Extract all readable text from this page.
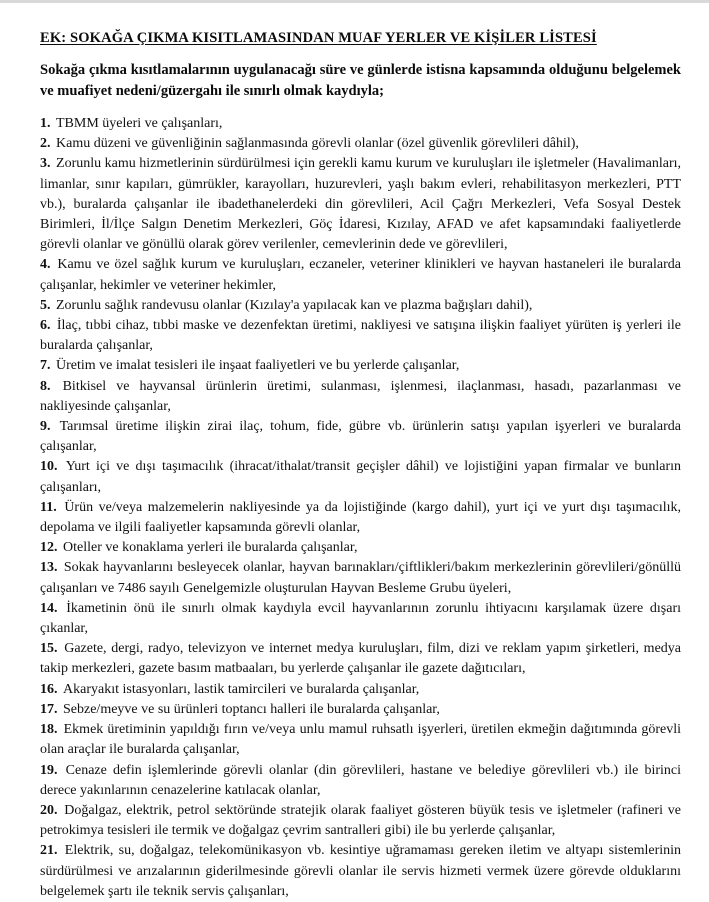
EK: SOKAĞA ÇIKMA KISITLAMASINDAN MUAF YERLER VE KİŞİLER LİSTESİ

Sokağa çıkma kısıtlamalarının uygulanacağı süre ve günlerde istisna kapsamında olduğunu belgelemek ve muafiyet nedeni/güzergahı ile sınırlı olmak kaydıyla;

1. TBMM üyeleri ve çalışanları,

2. Kamu düzeni ve güvenliğinin sağlanmasında görevli olanlar (özel güvenlik görevlileri dâhil),

3. Zorunlu kamu hizmetlerinin sürdürülmesi için gerekli kamu kurum ve kuruluşları ile işletmeler (Havalimanları, limanlar, sınır kapıları, gümrükler, karayolları, huzurevleri, yaşlı bakım evleri, rehabilitasyon merkezleri, PTT vb.), buralarda çalışanlar ile ibadethanelerdeki din görevlileri, Acil Çağrı Merkezleri, Vefa Sosyal Destek Birimleri, İl/İlçe Salgın Denetim Merkezleri, Göç İdaresi, Kızılay, AFAD ve afet kapsamındaki faaliyetlerde görevli olanlar ve gönüllü olarak görev verilenler, cemevlerinin dede ve görevlileri,

4. Kamu ve özel sağlık kurum ve kuruluşları, eczaneler, veteriner klinikleri ve hayvan hastaneleri ile buralarda çalışanlar, hekimler ve veteriner hekimler,

5. Zorunlu sağlık randevusu olanlar (Kızılay'a yapılacak kan ve plazma bağışları dahil),

6. İlaç, tıbbi cihaz, tıbbi maske ve dezenfektan üretimi, nakliyesi ve satışına ilişkin faaliyet yürüten iş yerleri ile buralarda çalışanlar,

7. Üretim ve imalat tesisleri ile inşaat faaliyetleri ve bu yerlerde çalışanlar,

8. Bitkisel ve hayvansal ürünlerin üretimi, sulanması, işlenmesi, ilaçlanması, hasadı, pazarlanması ve nakliyesinde çalışanlar,

9. Tarımsal üretime ilişkin zirai ilaç, tohum, fide, gübre vb. ürünlerin satışı yapılan işyerleri ve buralarda çalışanlar,

10. Yurt içi ve dışı taşımacılık (ihracat/ithalat/transit geçişler dâhil) ve lojistiğini yapan firmalar ve bunların çalışanları,

11. Ürün ve/veya malzemelerin nakliyesinde ya da lojistiğinde (kargo dahil), yurt içi ve yurt dışı taşımacılık, depolama ve ilgili faaliyetler kapsamında görevli olanlar,

12. Oteller ve konaklama yerleri ile buralarda çalışanlar,

13. Sokak hayvanlarını besleyecek olanlar, hayvan barınakları/çiftlikleri/bakım merkezlerinin görevlileri/gönüllü çalışanları ve 7486 sayılı Genelgemizle oluşturulan Hayvan Besleme Grubu üyeleri,

14. İkametinin önü ile sınırlı olmak kaydıyla evcil hayvanlarının zorunlu ihtiyacını karşılamak üzere dışarı çıkanlar,

15. Gazete, dergi, radyo, televizyon ve internet medya kuruluşları, film, dizi ve reklam yapım şirketleri, medya takip merkezleri, gazete basım matbaaları, bu yerlerde çalışanlar ile gazete dağıtıcıları,

16. Akaryakıt istasyonları, lastik tamircileri ve buralarda çalışanlar,

17. Sebze/meyve ve su ürünleri toptancı halleri ile buralarda çalışanlar,

18. Ekmek üretiminin yapıldığı fırın ve/veya unlu mamul ruhsatlı işyerleri, üretilen ekmeğin dağıtımında görevli olan araçlar ile buralarda çalışanlar,

19. Cenaze defin işlemlerinde görevli olanlar (din görevlileri, hastane ve belediye görevlileri vb.) ile birinci derece yakınlarının cenazelerine katılacak olanlar,

20. Doğalgaz, elektrik, petrol sektöründe stratejik olarak faaliyet gösteren büyük tesis ve işletmeler (rafineri ve petrokimya tesisleri ile termik ve doğalgaz çevrim santralleri gibi) ile bu yerlerde çalışanlar,

21. Elektrik, su, doğalgaz, telekomünikasyon vb. kesintiye uğramaması gereken iletim ve altyapı sistemlerinin sürdürülmesi ve arızalarının giderilmesinde görevli olanlar ile servis hizmeti vermek üzere görevde olduklarını belgelemek şartı ile teknik servis çalışanları,
